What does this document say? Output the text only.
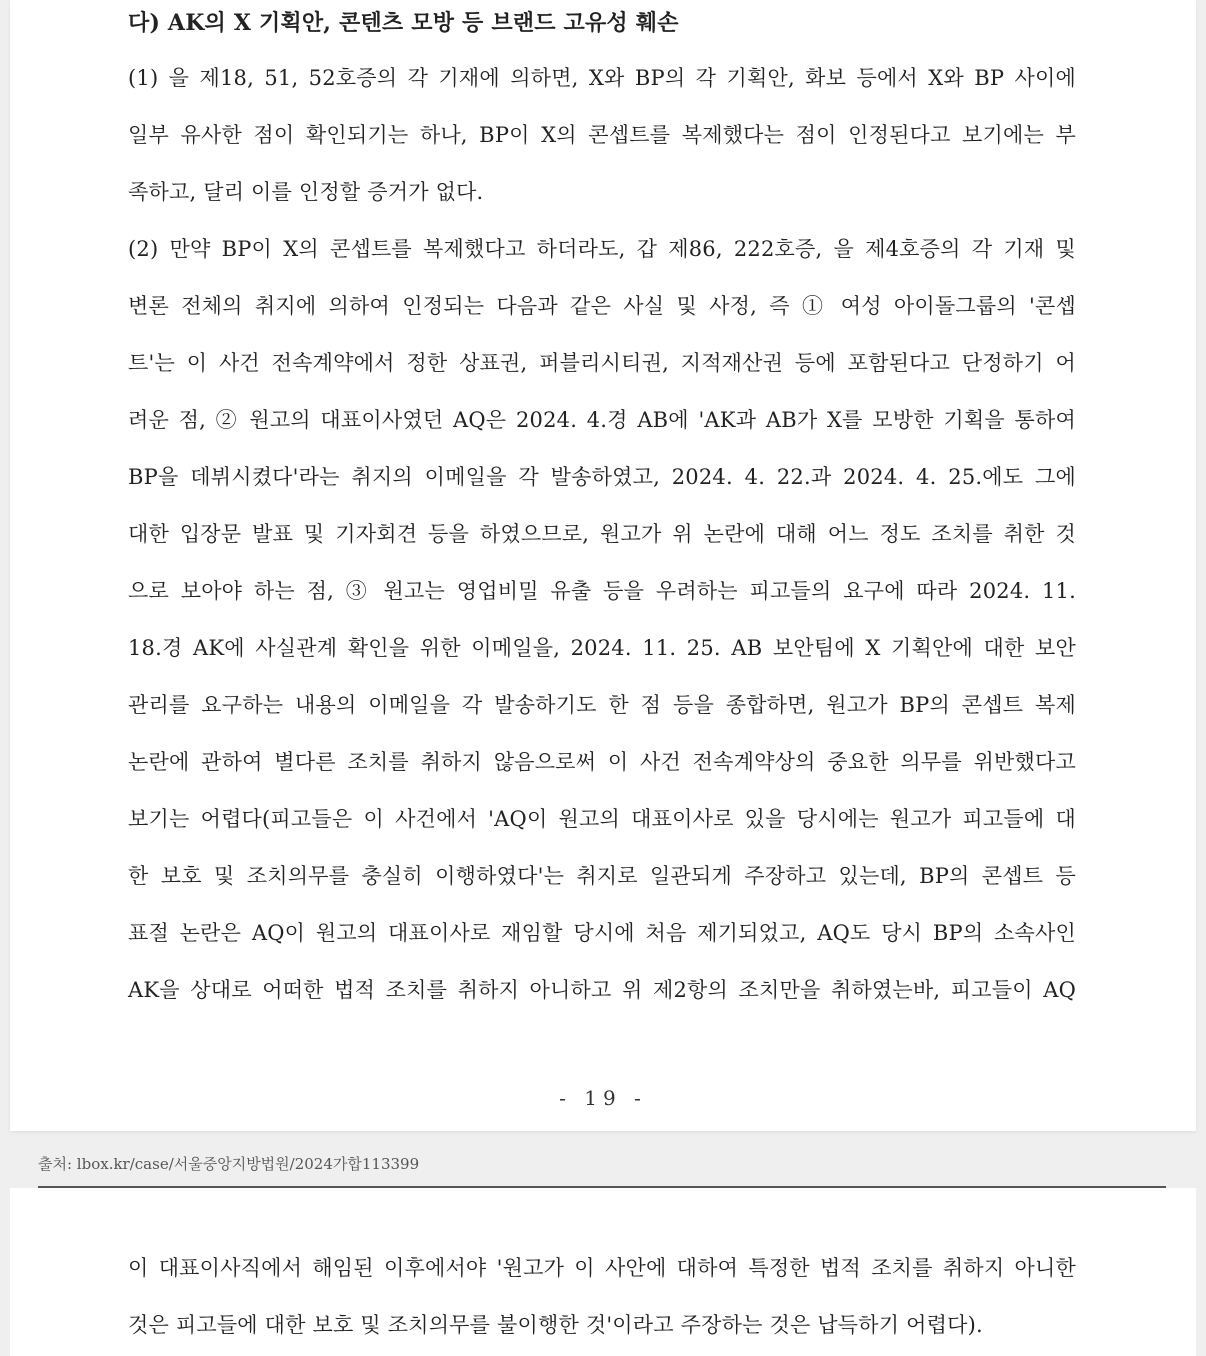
다) AK의 X 기획안, 콘텐츠 모방 등 브랜드 고유성 훼손
(1) 을 제18, 51, 52호증의 각 기재에 의하면, X와 BP의 각 기획안, 화보 등에서 X와 BP 사이에
일부 유사한 점이 확인되기는 하나, BP이 X의 콘셉트를 복제했다는 점이 인정된다고 보기에는 부
족하고, 달리 이를 인정할 증거가 없다.
(2) 만약 BP이 X의 콘셉트를 복제했다고 하더라도, 갑 제86, 222호증, 을 제4호증의 각 기재 및
변론 전체의 취지에 의하여 인정되는 다음과 같은 사실 및 사정, 즉 ① 여성 아이돌그룹의 '콘셉
트'는 이 사건 전속계약에서 정한 상표권, 퍼블리시티권, 지적재산권 등에 포함된다고 단정하기 어
려운 점, ② 원고의 대표이사였던 AQ은 2024. 4.경 AB에 'AK과 AB가 X를 모방한 기획을 통하여
BP을 데뷔시켰다'라는 취지의 이메일을 각 발송하였고, 2024. 4. 22.과 2024. 4. 25.에도 그에
대한 입장문 발표 및 기자회견 등을 하였으므로, 원고가 위 논란에 대해 어느 정도 조치를 취한 것
으로 보아야 하는 점, ③ 원고는 영업비밀 유출 등을 우려하는 피고들의 요구에 따라 2024. 11.
18.경 AK에 사실관계 확인을 위한 이메일을, 2024. 11. 25. AB 보안팀에 X 기획안에 대한 보안
관리를 요구하는 내용의 이메일을 각 발송하기도 한 점 등을 종합하면, 원고가 BP의 콘셉트 복제
논란에 관하여 별다른 조치를 취하지 않음으로써 이 사건 전속계약상의 중요한 의무를 위반했다고
보기는 어렵다(피고들은 이 사건에서 'AQ이 원고의 대표이사로 있을 당시에는 원고가 피고들에 대
한 보호 및 조치의무를 충실히 이행하였다'는 취지로 일관되게 주장하고 있는데, BP의 콘셉트 등
표절 논란은 AQ이 원고의 대표이사로 재임할 당시에 처음 제기되었고, AQ도 당시 BP의 소속사인
AK을 상대로 어떠한 법적 조치를 취하지 아니하고 위 제2항의 조치만을 취하였는바, 피고들이 AQ
- 19 -
출처: lbox.kr/case/서울중앙지방법원/2024가합113399
이 대표이사직에서 해임된 이후에서야 '원고가 이 사안에 대하여 특정한 법적 조치를 취하지 아니한
것은 피고들에 대한 보호 및 조치의무를 불이행한 것'이라고 주장하는 것은 납득하기 어렵다).
